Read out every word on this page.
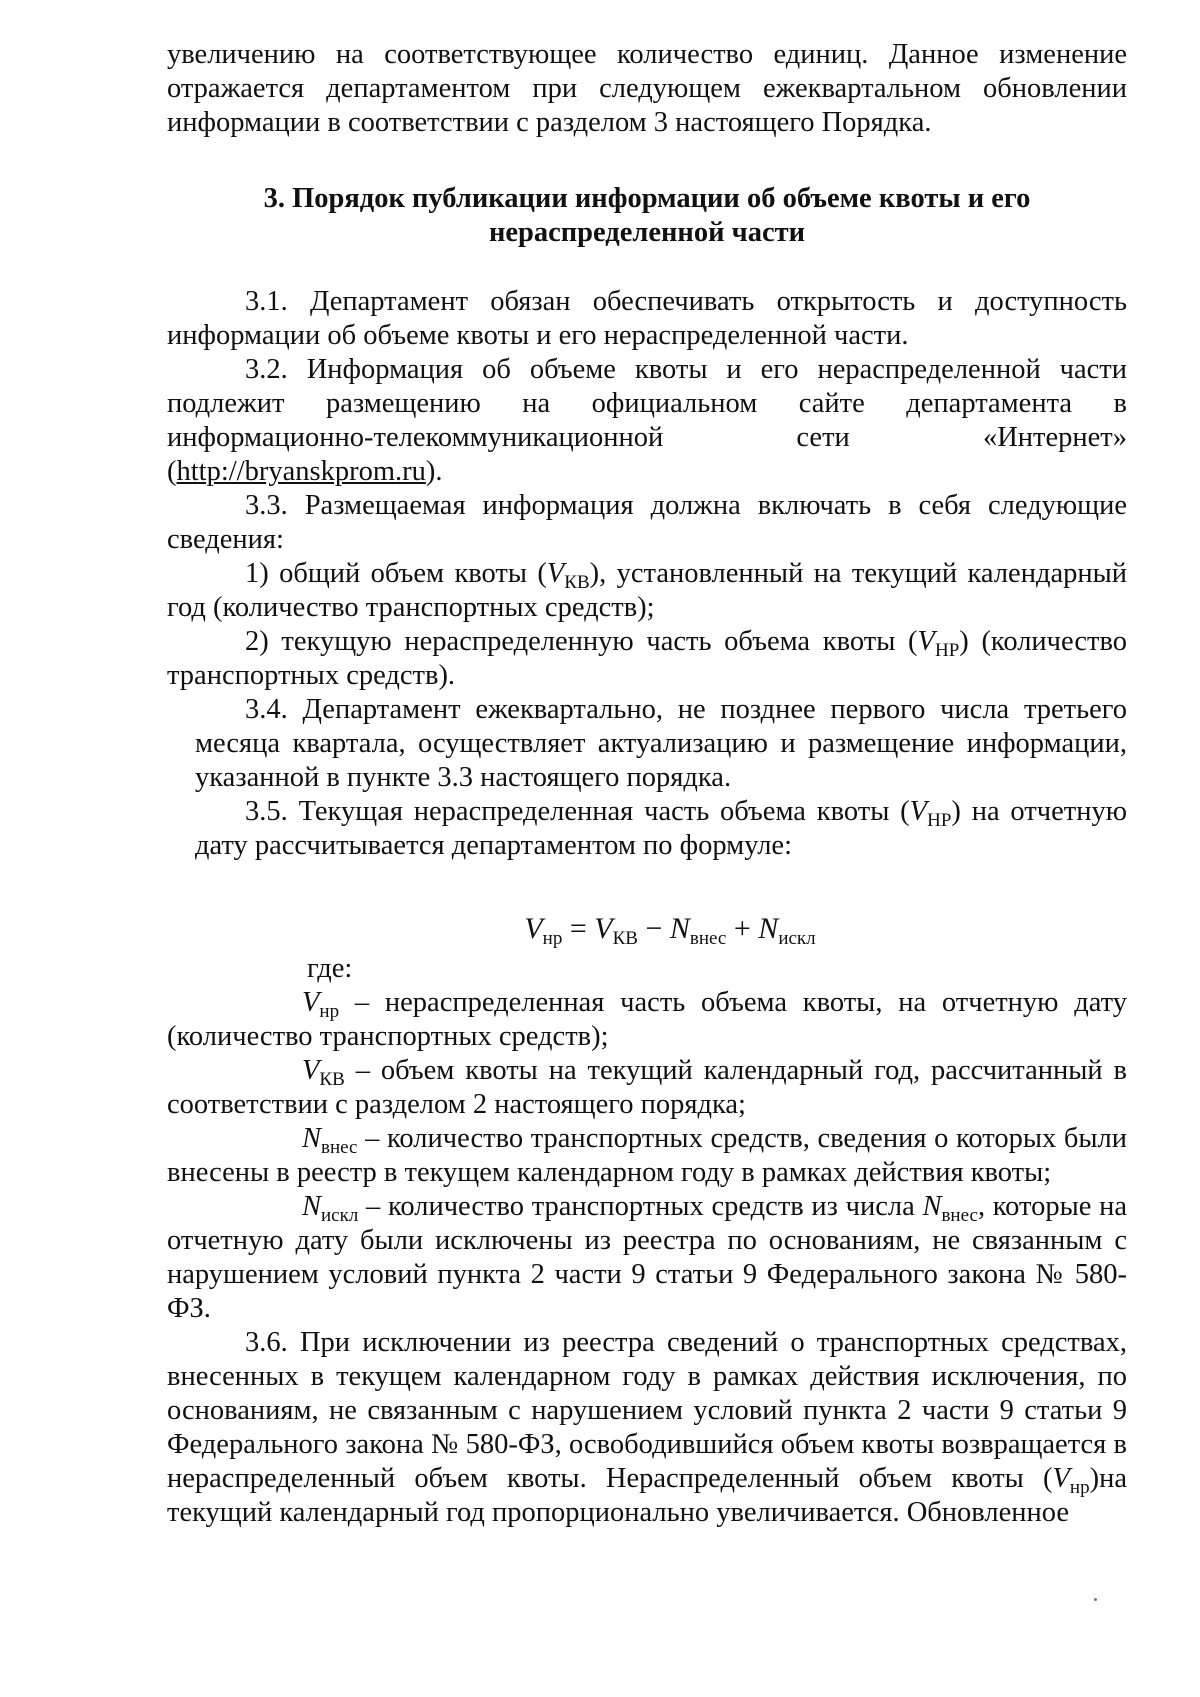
увеличению на соответствующее количество единиц. Данное изменение отражается департаментом при следующем ежеквартальном обновлении информации в соответствии с разделом 3 настоящего Порядка.

3. Порядок публикации информации об объеме квоты и его
нераспределенной части

3.1. Департамент обязан обеспечивать открытость и доступность информации об объеме квоты и его нераспределенной части.

3.2. Информация об объеме квоты и его нераспределенной части подлежит размещению на официальном сайте департамента в информационно-телекоммуникационной сети «Интернет» (http://bryanskprom.ru).

3.3. Размещаемая информация должна включать в себя следующие сведения:

1) общий объем квоты $(V_{КВ})$, установленный на текущий календарный год (количество транспортных средств);

2) текущую нераспределенную часть объема квоты $(V_{НР})$ (количество транспортных средств).

3.4. Департамент ежеквартально, не позднее первого числа третьего месяца квартала, осуществляет актуализацию и размещение информации, указанной в пункте 3.3 настоящего порядка.

3.5. Текущая нераспределенная часть объема квоты $(V_{НР})$ на отчетную дату рассчитывается департаментом по формуле:

$V_{нр} = V_{КВ} - N_{внес} + N_{искл}$

где:

$V_{нр}$ – нераспределенная часть объема квоты, на отчетную дату (количество транспортных средств);

$V_{КВ}$ – объем квоты на текущий календарный год, рассчитанный в соответствии с разделом 2 настоящего порядка;

$N_{внес}$ – количество транспортных средств, сведения о которых были внесены в реестр в текущем календарном году в рамках действия квоты;

$N_{искл}$ – количество транспортных средств из числа $N_{внес}$, которые на отчетную дату были исключены из реестра по основаниям, не связанным с нарушением условий пункта 2 части 9 статьи 9 Федерального закона № 580-ФЗ.

3.6. При исключении из реестра сведений о транспортных средствах, внесенных в текущем календарном году в рамках действия исключения, по основаниям, не связанным с нарушением условий пункта 2 части 9 статьи 9 Федерального закона № 580-ФЗ, освободившийся объем квоты возвращается в нераспределенный объем квоты. Нераспределенный объем квоты $(V_{нр})на$ текущий календарный год пропорционально увеличивается. Обновленное
